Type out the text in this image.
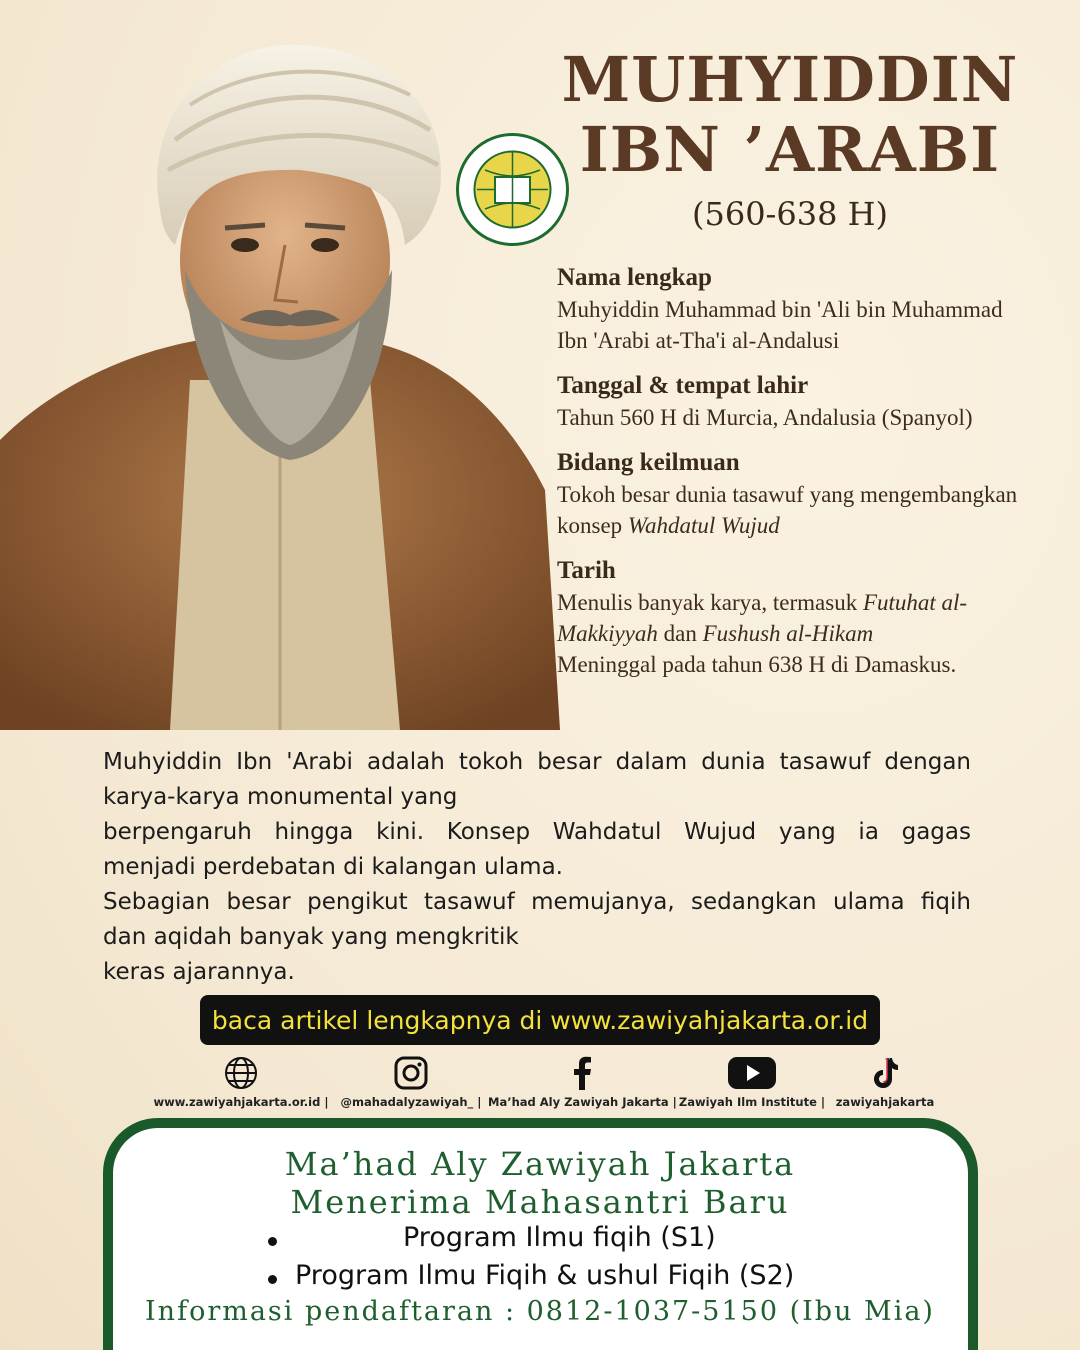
MUHYIDDIN
IBN ’ARABI
(560-638 H)
Nama lengkap
Muhyiddin Muhammad bin 'Ali bin Muhammad
Ibn 'Arabi at-Tha'i al-Andalusi
Tanggal & tempat lahir
Tahun 560 H di Murcia, Andalusia (Spanyol)
Bidang keilmuan
Tokoh besar dunia tasawuf yang mengembangkan
konsep Wahdatul Wujud
Tarih
Menulis banyak karya, termasuk Futuhat al-
Makkiyyah dan Fushush al-Hikam
Meninggal pada tahun 638 H di Damaskus.

Muhyiddin Ibn 'Arabi adalah tokoh besar dalam dunia tasawuf dengan

karya-karya monumental yang

berpengaruh hingga kini. Konsep Wahdatul Wujud yang ia gagas

menjadi perdebatan di kalangan ulama.

Sebagian besar pengikut tasawuf memujanya, sedangkan ulama fiqih

dan aqidah banyak yang mengkritik

keras ajarannya.

baca artikel lengkapnya di www.zawiyahjakarta.or.id
www.zawiyahjakarta.or.id |	@mahadalyzawiyah_ | Ma’had Aly Zawiyah Jakarta | Zawiyah Ilm Institute | zawiyahjakarta
Ma’had Aly Zawiyah Jakarta
Menerima Mahasantri Baru
Program Ilmu fiqih (S1)
Program Ilmu Fiqih & ushul Fiqih (S2)
Informasi pendaftaran : 0812-1037-5150 (Ibu Mia)
